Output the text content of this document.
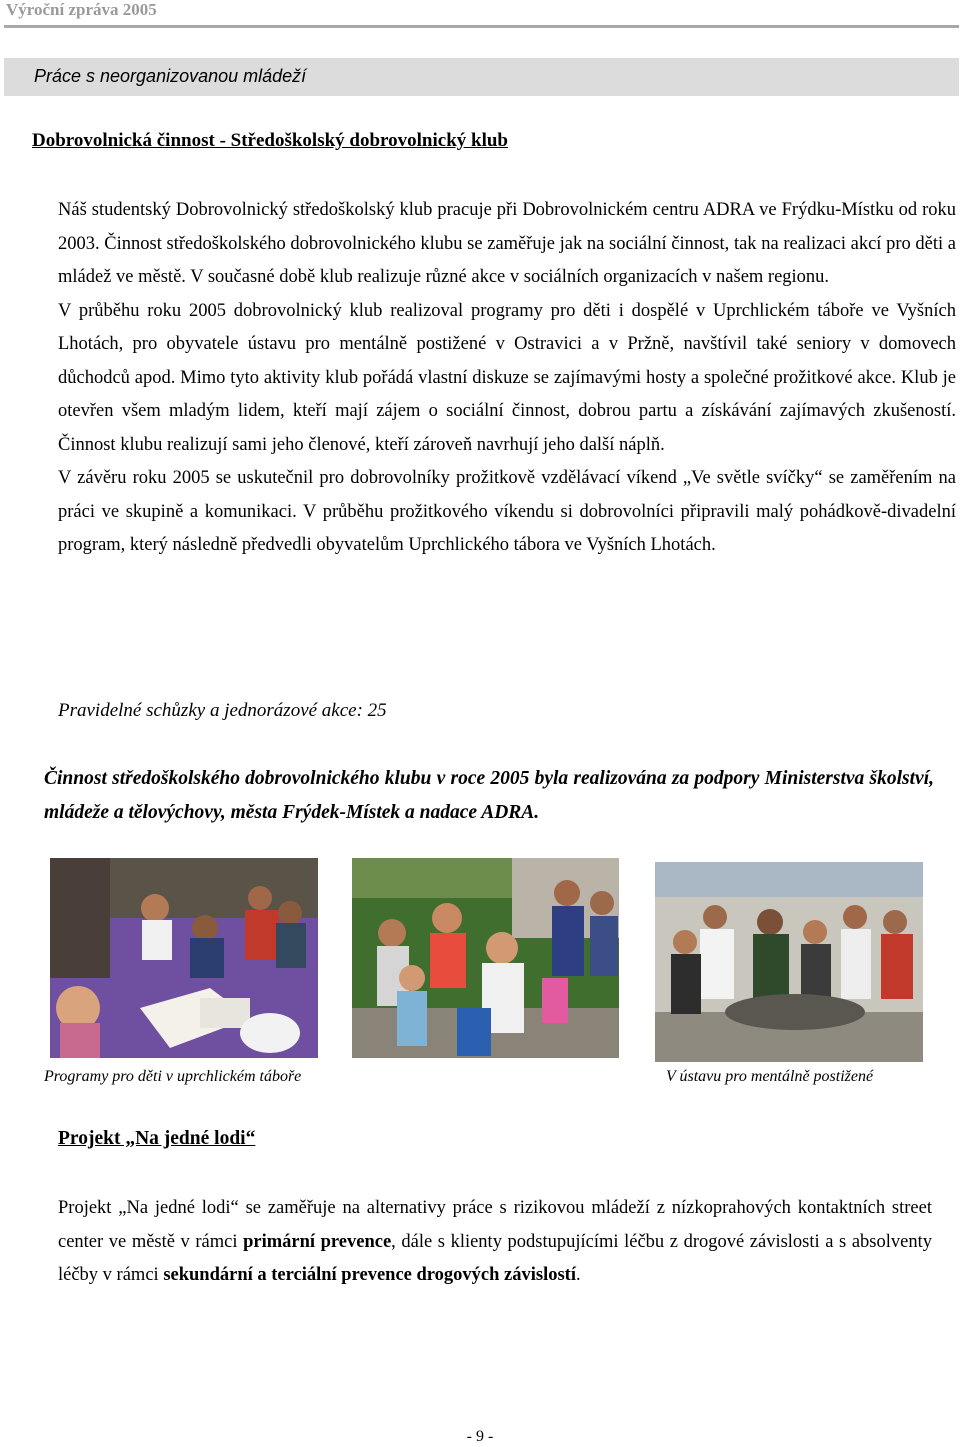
Výroční zpráva 2005
Práce s neorganizovanou mládeží
Dobrovolnická činnost - Středoškolský dobrovolnický klub

Náš studentský Dobrovolnický středoškolský klub pracuje při Dobrovolnickém centru ADRA ve Frýdku-Místku od roku 2003. Činnost středoškolského dobrovolnického klubu se zaměřuje jak na sociální činnost, tak na realizaci akcí pro děti a mládež ve městě. V současné době klub realizuje různé akce v sociálních organizacích v našem regionu.

V průběhu roku 2005 dobrovolnický klub realizoval programy pro děti i dospělé v Uprchlickém táboře ve Vyšních Lhotách, pro obyvatele ústavu pro mentálně postižené v Ostravici a v Pržně, navštívil také seniory v domovech důchodců apod. Mimo tyto aktivity klub pořádá vlastní diskuze se zajímavými hosty a společné prožitkové akce. Klub je otevřen všem mladým lidem, kteří mají zájem o sociální činnost, dobrou partu a získávání zajímavých zkušeností. Činnost klubu realizují sami jeho členové, kteří zároveň navrhují jeho další náplň.

V závěru roku 2005 se uskutečnil pro dobrovolníky prožitkově vzdělávací víkend „Ve světle svíčky“ se zaměřením na práci ve skupině a komunikaci. V průběhu prožitkového víkendu si dobrovolníci připravili malý pohádkově-divadelní program, který následně předvedli obyvatelům Uprchlického tábora ve Vyšních Lhotách.

Pravidelné schůzky a jednorázové akce: 25
Činnost středoškolského dobrovolnického klubu v roce 2005 byla realizována za podpory Ministerstva školství, mládeže a tělovýchovy, města Frýdek-Místek a nadace ADRA.
Programy pro děti v uprchlickém táboře	V ústavu pro mentálně postižené
Projekt „Na jedné lodi“
Projekt „Na jedné lodi“ se zaměřuje na alternativy práce s rizikovou mládeží z nízkoprahových kontaktních street center ve městě v rámci primární prevence, dále s klienty podstupujícími léčbu z drogové závislosti a s absolventy léčby v rámci sekundární a terciální prevence drogových závislostí.
- 9 -
